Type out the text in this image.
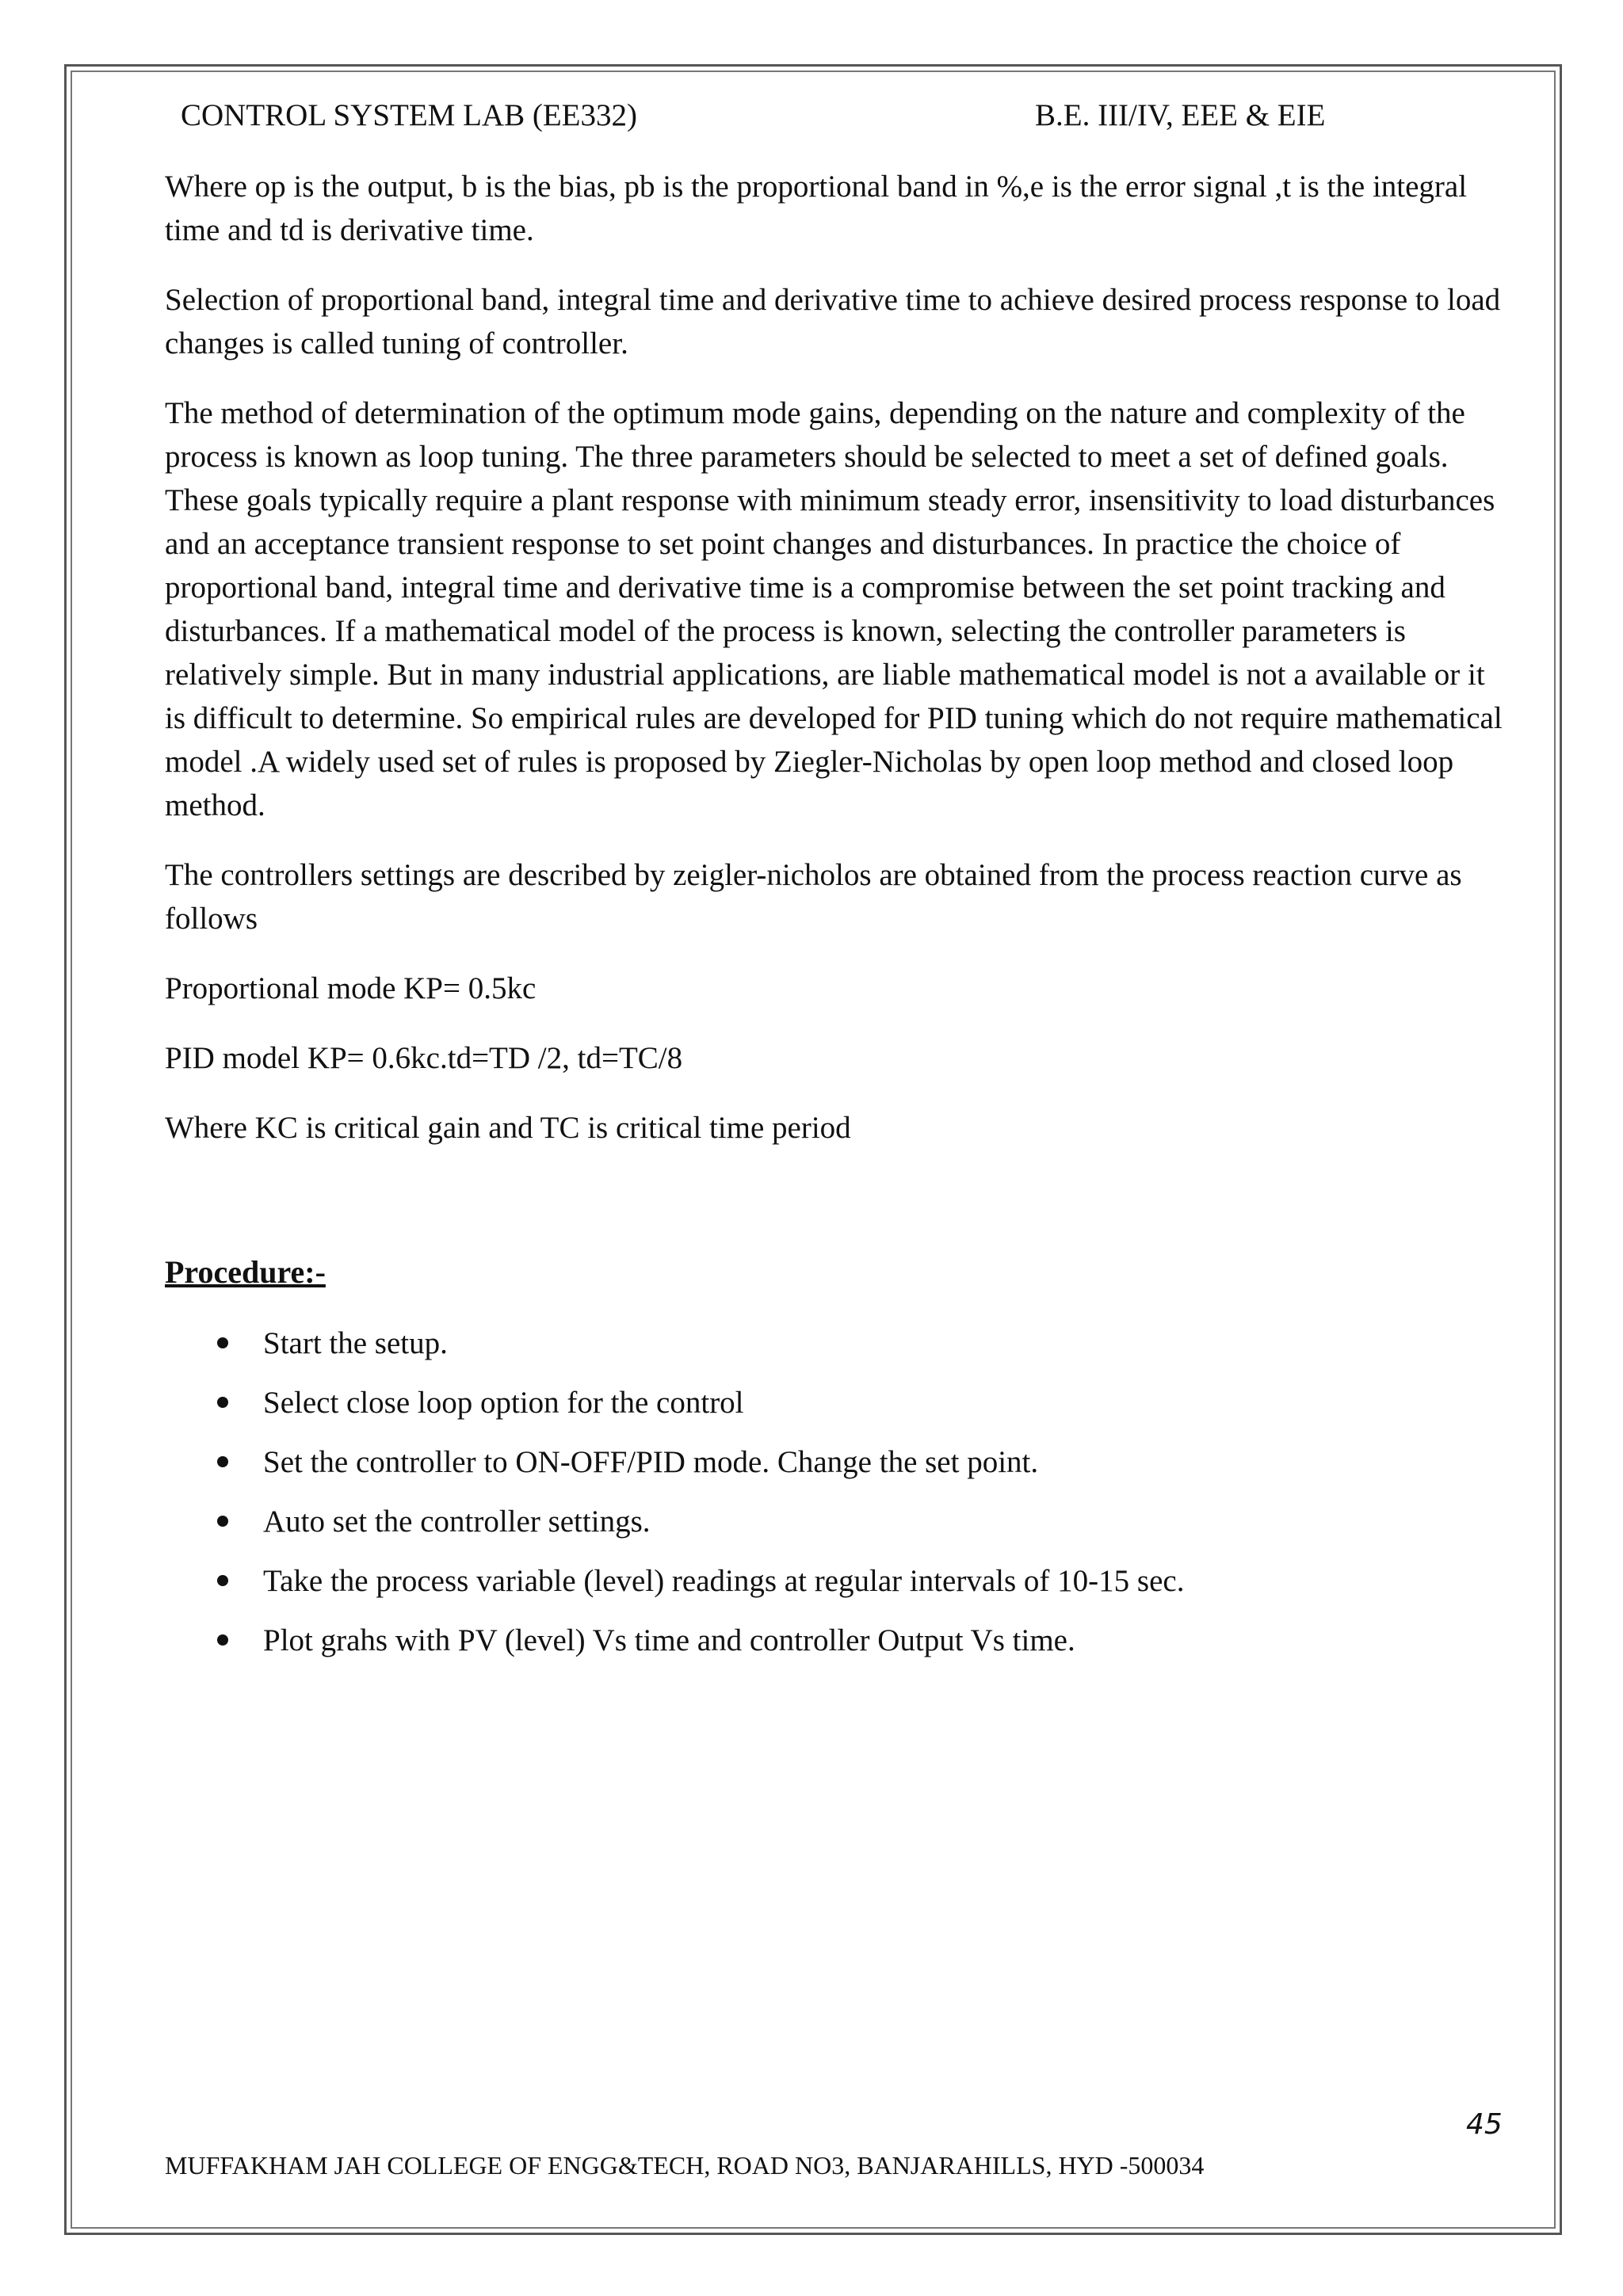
CONTROL SYSTEM LAB (EE332)	B.E. III/IV, EEE & EIE

Where op is the output, b is the bias, pb is the proportional band in %,e is the error signal ,t is the integral time and td is derivative time.

Selection of proportional band, integral time and derivative time to achieve desired process response to load changes is called tuning of controller.

The method of determination of the optimum mode gains, depending on the nature and complexity of the process is known as loop tuning. The three parameters should be selected to meet a set of defined goals. These goals typically require a plant response with minimum steady error, insensitivity to load disturbances and an acceptance transient response to set point changes and disturbances. In practice the choice of proportional band, integral time and derivative time is a compromise between the set point tracking and disturbances. If a mathematical model of the process is known, selecting the controller parameters is relatively simple. But in many industrial applications, are liable mathematical model is not a available or it is difficult to determine. So empirical rules are developed for PID tuning which do not require mathematical model .A widely used set of rules is proposed by Ziegler-Nicholas by open loop method and closed loop method.

The controllers settings are described by zeigler-nicholos are obtained from the process reaction curve as follows

Proportional mode KP= 0.5kc

PID model KP= 0.6kc.td=TD /2, td=TC/8

Where KC is critical gain and TC is critical time period

Procedure:-
Start the setup.
Select close loop option for the control
Set the controller to ON-OFF/PID mode. Change the set point.
Auto set the controller settings.
Take the process variable (level) readings at regular intervals of 10-15 sec.
Plot grahs with PV (level) Vs time and controller Output Vs time.
45
MUFFAKHAM JAH COLLEGE OF ENGG&TECH, ROAD NO3, BANJARAHILLS, HYD -500034
